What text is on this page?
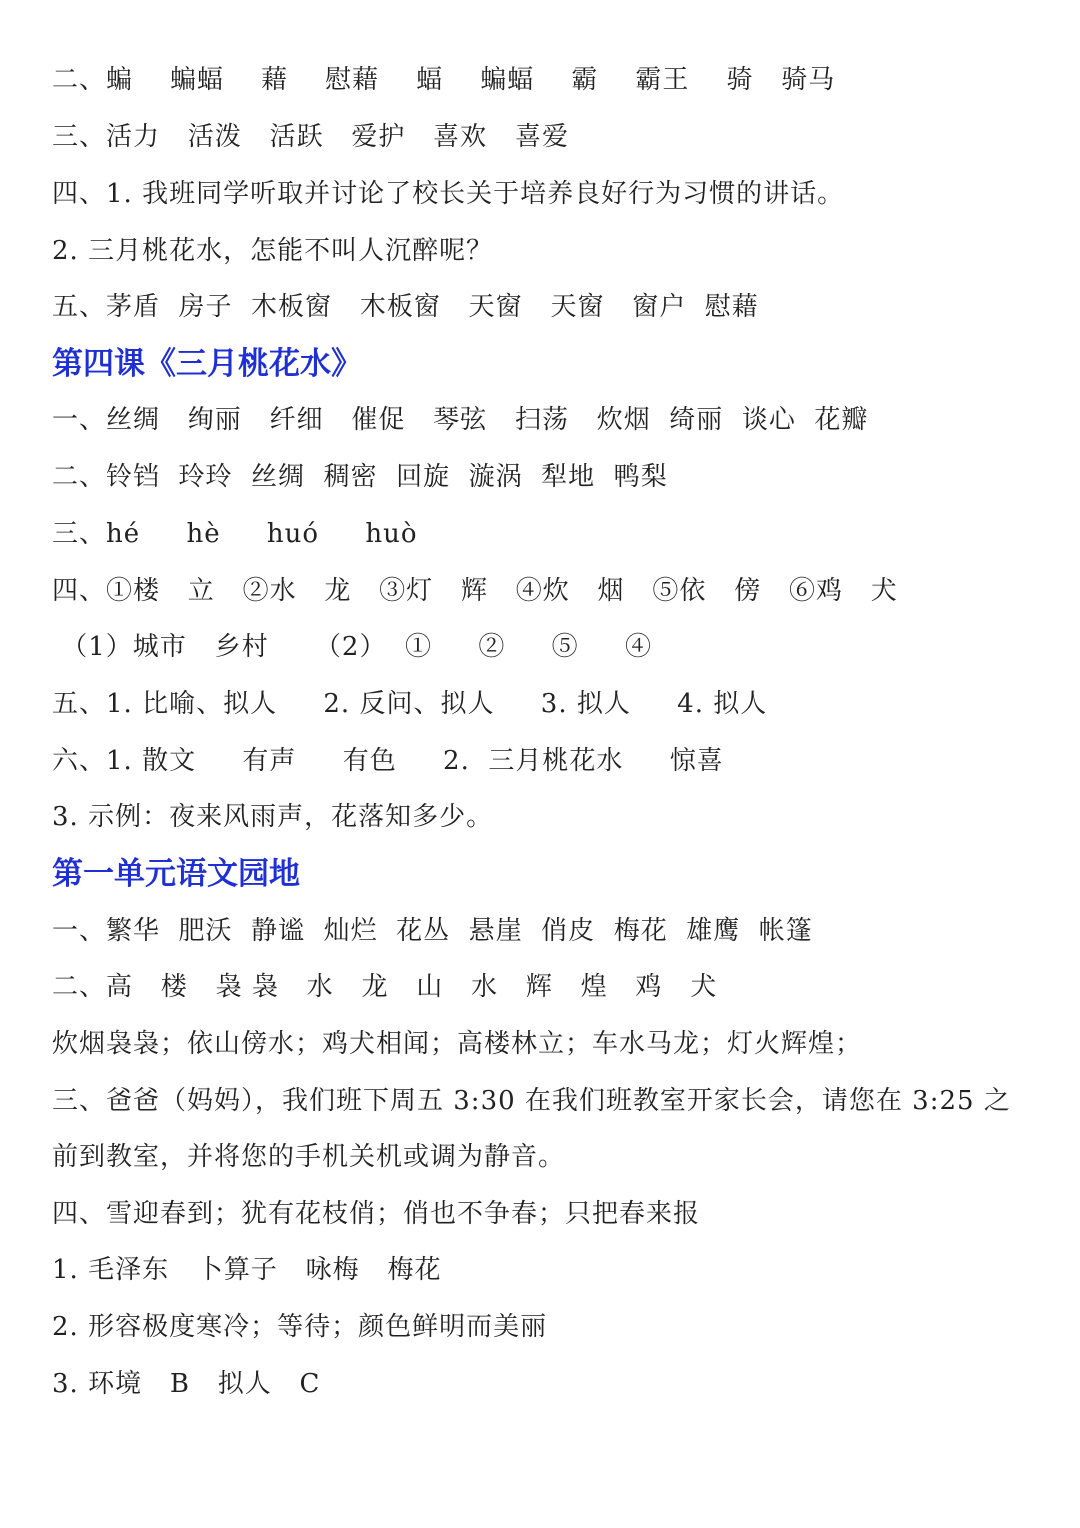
二、蝙    蝙蝠    藉    慰藉    蝠    蝙蝠    霸    霸王    骑   骑马
三、活力   活泼   活跃   爱护   喜欢   喜爱
四、1. 我班同学听取并讨论了校长关于培养良好行为习惯的讲话。
2. 三月桃花水，怎能不叫人沉醉呢？
五、茅盾  房子  木板窗   木板窗   天窗   天窗   窗户  慰藉
第四课《三月桃花水》
一、丝绸   绚丽   纤细   催促   琴弦   扫荡   炊烟  绮丽  谈心  花瓣
二、铃铛  玲玲  丝绸  稠密  回旋  漩涡  犁地  鸭梨
三、hé     hè     huó     huò
四、①楼   立   ②水   龙   ③灯   辉   ④炊   烟   ⑤依   傍   ⑥鸡   犬
（1）城市   乡村     （2）  ①     ②     ⑤     ④
五、1. 比喻、拟人     2. 反问、拟人     3. 拟人     4. 拟人
六、1. 散文     有声     有色     2.  三月桃花水     惊喜
3. 示例：夜来风雨声，花落知多少。
第一单元语文园地
一、繁华  肥沃  静谧  灿烂  花丛  悬崖  俏皮  梅花  雄鹰  帐篷
二、高   楼   袅 袅   水   龙   山   水   辉   煌   鸡   犬
炊烟袅袅；依山傍水；鸡犬相闻；高楼林立；车水马龙；灯火辉煌；
三、爸爸（妈妈），我们班下周五 3:30 在我们班教室开家长会，请您在 3:25 之
前到教室，并将您的手机关机或调为静音。
四、雪迎春到；犹有花枝俏；俏也不争春；只把春来报
1. 毛泽东   卜算子   咏梅   梅花
2. 形容极度寒冷；等待；颜色鲜明而美丽
3. 环境   B   拟人   C
